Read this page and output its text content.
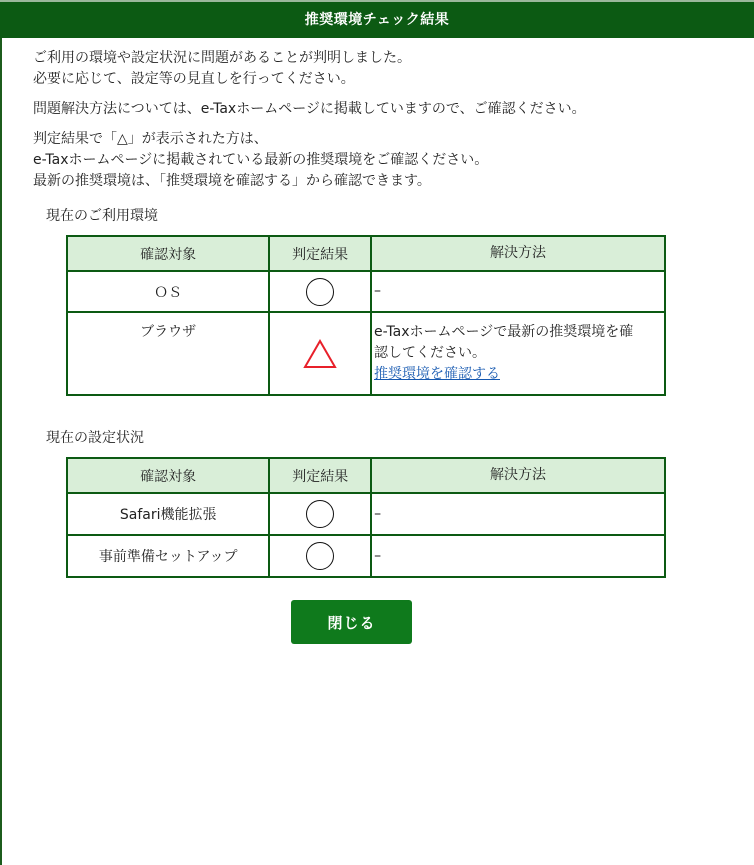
推奨環境チェック結果
ご利用の環境や設定状況に問題があることが判明しました。
必要に応じて、設定等の見直しを行ってください。
問題解決方法については、e-Taxホームページに掲載していますので、ご確認ください。
判定結果で「△」が表示された方は、
e-Taxホームページに掲載されている最新の推奨環境をご確認ください。
最新の推奨環境は、「推奨環境を確認する」から確認できます。
現在のご利用環境
確認対象	判定結果	解決方法
ＯＳ		–
ブラウザ		e-Taxホームページで最新の推奨環境を確
認してください。
推奨環境を確認する
現在の設定状況
確認対象	判定結果	解決方法
Safari機能拡張		–
事前準備セットアップ		–
閉じる
